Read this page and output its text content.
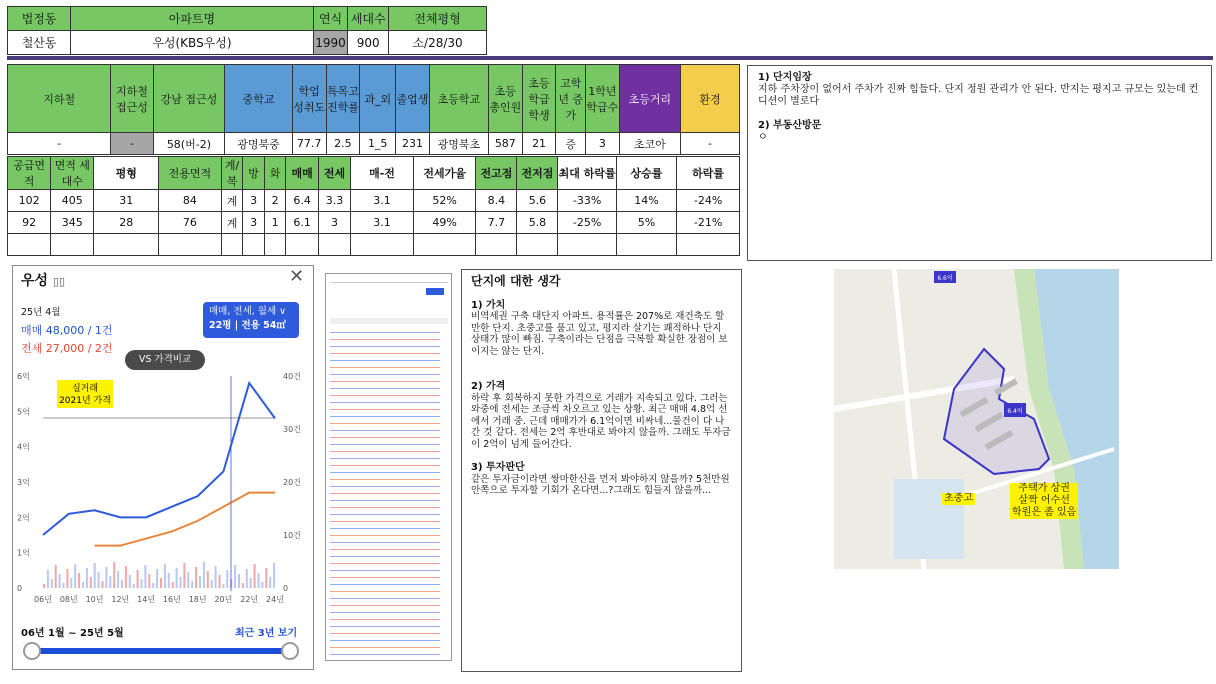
법정동	아파트명	연식	세대수	전체평형
철산동	우성(KBS우성)	1990	900	소/28/30
지하철	지하철 접근성	강남 접근성	중학교	학업 성취도	특목고 진학률	과_외	졸업생	초등학교	초등 총인원	초등 학급 학생	고학년 증가	1학년 학급수	초등거리	환경
-	-	58(버-2)	광명북중	77.7	2.5	1_5	231	광명북초	587	21	증	3	초코아	-
공급면적	면적 세대수	평형	전용면적	계/복	방	화	매매	전세	매-전	전세가율	전고점	전저점	최대 하락률	상승률	하락률
102	405	31	84	계	3	2	6.4	3.3	3.1	52%	8.4	5.6	-33%	14%	-24%
92	345	28	76	계	3	1	6.1	3	3.1	49%	7.7	5.8	-25%	5%	-21%

1) 단지임장
지하 주차장이 없어서 주차가 진짜 힘들다. 단지 정원 관리가 안 된다. 반지는 평지고 규모는 있는데 컨디션이 별로다
2) 부동산방문
ㅇ
우성 ▯▯	✕
25년 4월
매매 48,000 / 1건
전세 27,000 / 2건
매매, 전세, 월세 ∨
22평 | 전용 54㎡
VS 가격비교
0
1억
2억
3억
4억
5억
6억
0
10건
20건
30건
40건
06년 08년 10년 12년 14년 16년 18년 20년 22년 24년
실거래
2021년 가격
06년 1월 ~ 25년 5월	최근 3년 보기
단지에 대한 생각
1) 가치
비역세권 구축 대단지 아파트. 용적률은 207%로 재건축도 할만한 단지. 초중고를 품고 있고, 평지라 살기는 쾌적하나 단지 상태가 많이 빠짐. 구축이라는 단점을 극복할 확실한 장점이 보이지는 않는 단지.
2) 가격
하락 후 회복하지 못한 가격으로 거래가 지속되고 있다. 그러는 와중에 전세는 조금씩 차오르고 있는 상황. 최근 매매 4.8억 선에서 거래 중. 근데 매매가가 6.1억이면 비싸네...물건이 다 나간 것 같다. 전세는 2억 후반대로 봐야지 않을까. 그래도 투자금이 2억이 넘게 들어간다.
3) 투자판단
같은 투자금이라면 쌍마한신을 먼저 봐야하지 않을까? 5천만원 안쪽으로 투자할 기회가 온다면...?그래도 힘들지 않을까...
6.6억
6.4억
초중고
주택가 상권
살짝 어수선
학원은 좀 있음
